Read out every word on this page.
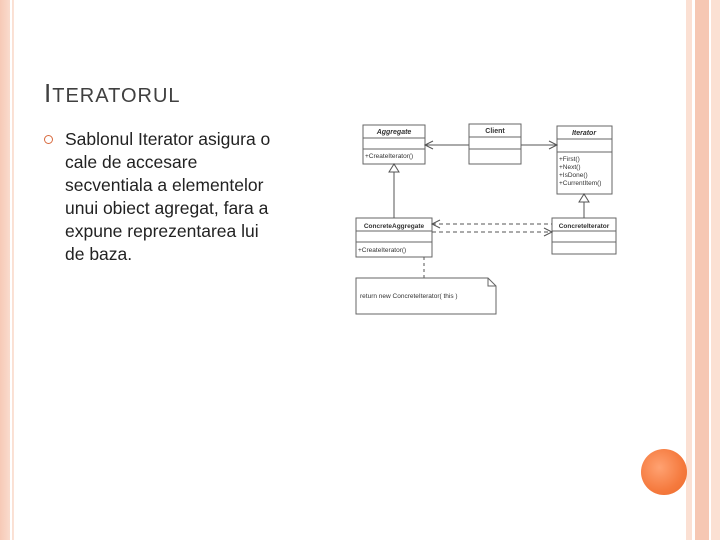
ITERATORUL
Sablonul Iterator asigura o
cale de accesare
secventiala a elementelor
unui obiect agregat, fara a
expune reprezentarea lui
de baza.
Aggregate
+CreateIterator()
Client	Iterator
+First()
+Next()
+IsDone()
+CurrentItem()
ConcreteAggregate
+CreateIterator()
ConcreteIterator
return new ConcreteIterator( this )
